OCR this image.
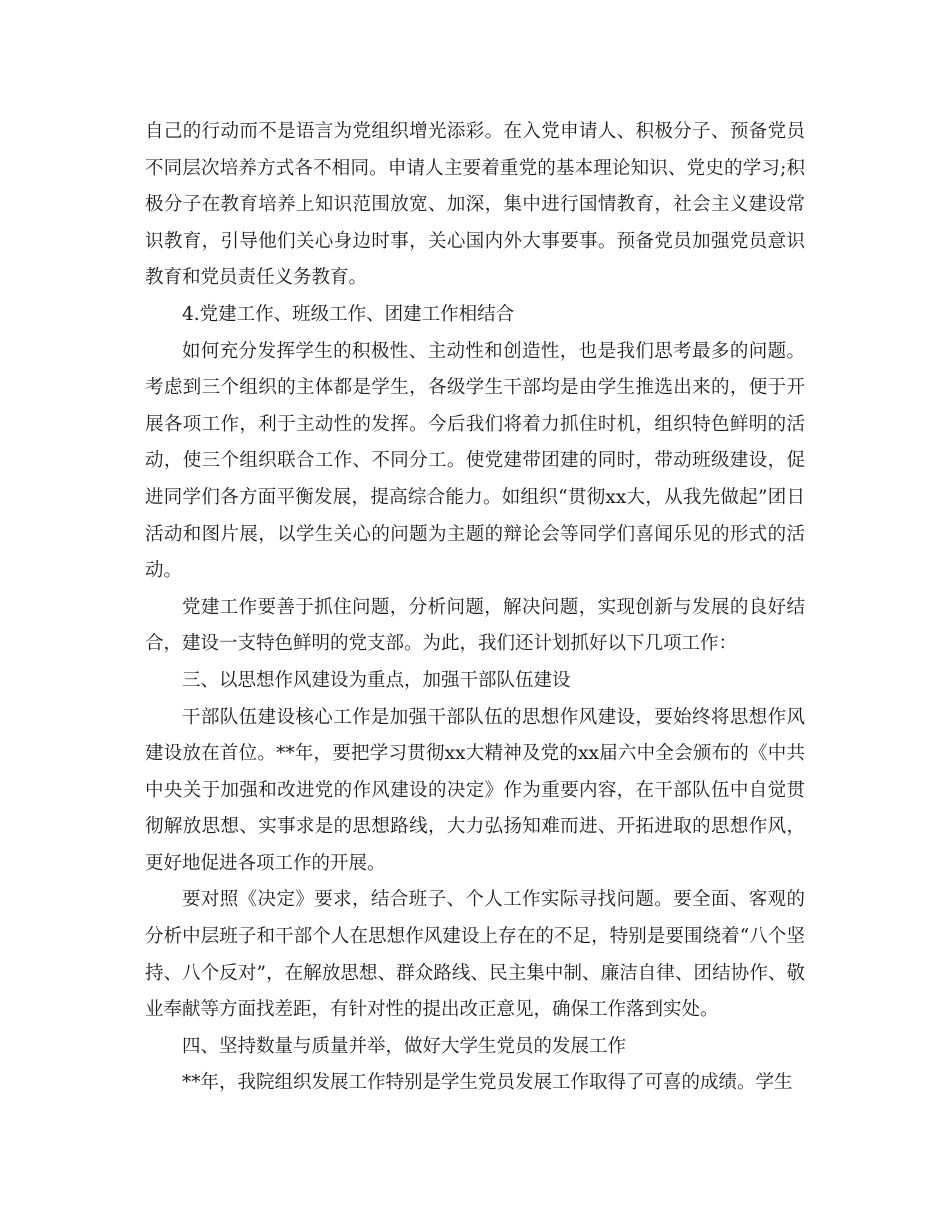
自己的行动而不是语言为党组织增光添彩。在入党申请人、积极分子、预备党员不同层次培养方式各不相同。申请人主要着重党的基本理论知识、党史的学习;积极分子在教育培养上知识范围放宽、加深，集中进行国情教育，社会主义建设常识教育，引导他们关心身边时事，关心国内外大事要事。预备党员加强党员意识教育和党员责任义务教育。

4.党建工作、班级工作、团建工作相结合

如何充分发挥学生的积极性、主动性和创造性，也是我们思考最多的问题。考虑到三个组织的主体都是学生，各级学生干部均是由学生推选出来的，便于开展各项工作，利于主动性的发挥。今后我们将着力抓住时机，组织特色鲜明的活动，使三个组织联合工作、不同分工。使党建带团建的同时，带动班级建设，促进同学们各方面平衡发展，提高综合能力。如组织“贯彻xx大，从我先做起”团日活动和图片展，以学生关心的问题为主题的辩论会等同学们喜闻乐见的形式的活动。

党建工作要善于抓住问题，分析问题，解决问题，实现创新与发展的良好结合，建设一支特色鲜明的党支部。为此，我们还计划抓好以下几项工作：

三、以思想作风建设为重点，加强干部队伍建设

干部队伍建设核心工作是加强干部队伍的思想作风建设，要始终将思想作风建设放在首位。**年，要把学习贯彻xx大精神及党的xx届六中全会颁布的《中共中央关于加强和改进党的作风建设的决定》作为重要内容，在干部队伍中自觉贯彻解放思想、实事求是的思想路线，大力弘扬知难而进、开拓进取的思想作风，更好地促进各项工作的开展。

要对照《决定》要求，结合班子、个人工作实际寻找问题。要全面、客观的分析中层班子和干部个人在思想作风建设上存在的不足，特别是要围绕着“八个坚持、八个反对”，在解放思想、群众路线、民主集中制、廉洁自律、团结协作、敬业奉献等方面找差距，有针对性的提出改正意见，确保工作落到实处。

四、坚持数量与质量并举，做好大学生党员的发展工作

**年，我院组织发展工作特别是学生党员发展工作取得了可喜的成绩。学生
